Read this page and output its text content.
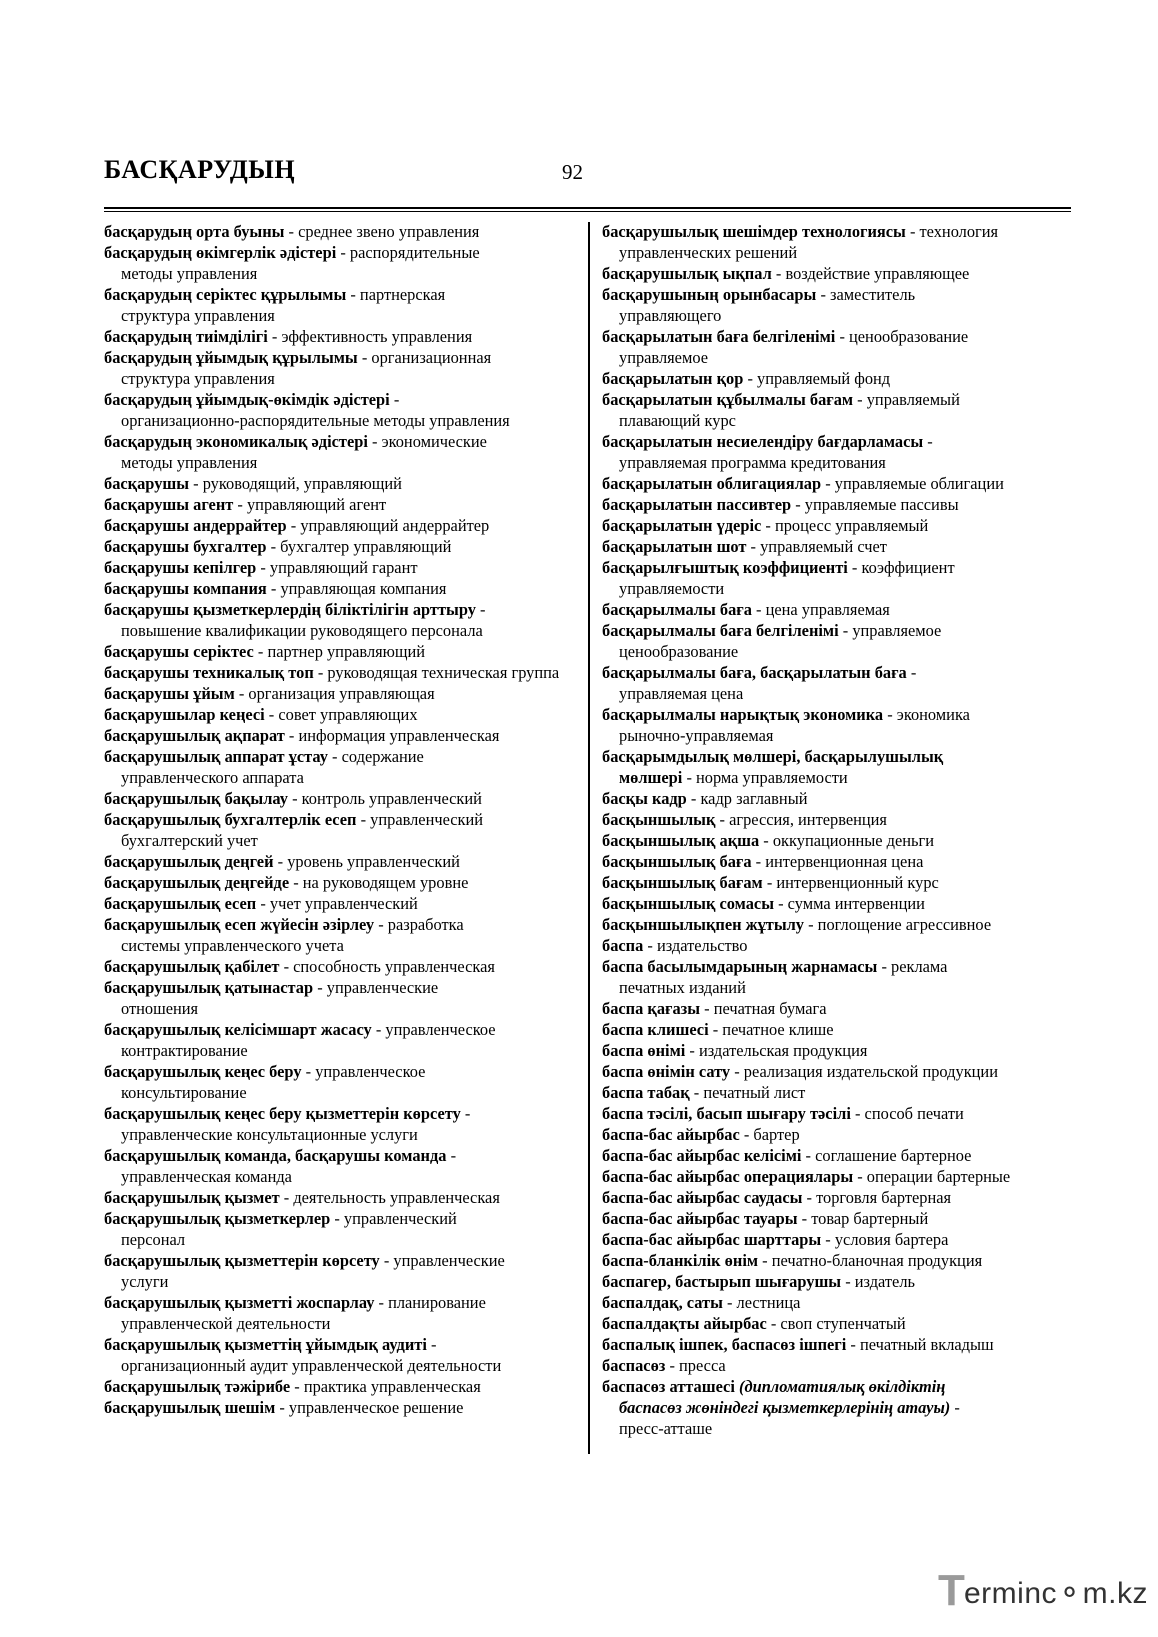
БАСҚАРУДЫҢ	92

басқарудың орта буыны - среднее звено управления

басқарудың өкімгерлік әдістері - распорядительные
методы управления

басқарудың серіктес құрылымы - партнерская
структура управления

басқарудың тиімділігі - эффективность управления

басқарудың ұйымдық құрылымы - организационная
структура управления

басқарудың ұйымдық-өкімдік әдістері -
организационно-распорядительные методы управления

басқарудың экономикалық әдістері - экономические
методы управления

басқарушы - руководящий, управляющий

басқарушы агент - управляющий агент

басқарушы андеррайтер - управляющий андеррайтер

басқарушы бухгалтер - бухгалтер управляющий

басқарушы кепілгер - управляющий гарант

басқарушы компания - управляющая компания

басқарушы қызметкерлердің біліктілігін арттыру -
повышение квалификации руководящего персонала

басқарушы серіктес - партнер управляющий

басқарушы техникалық топ - руководящая техническая группа

басқарушы ұйым - организация управляющая

басқарушылар кеңесі - совет управляющих

басқарушылық ақпарат - информация управленческая

басқарушылық аппарат ұстау - содержание
управленческого аппарата

басқарушылық бақылау - контроль управленческий

басқарушылық бухгалтерлік есеп - управленческий
бухгалтерский учет

басқарушылық деңгей - уровень управленческий

басқарушылық деңгейде - на руководящем уровне

басқарушылық есеп - учет управленческий

басқарушылық есеп жүйесін әзірлеу - разработка
системы управленческого учета

басқарушылық қабілет - способность управленческая

басқарушылық қатынастар - управленческие
отношения

басқарушылық келісімшарт жасасу - управленческое
контрактирование

басқарушылық кеңес беру - управленческое
консультирование

басқарушылық кеңес беру қызметтерін көрсету -
управленческие консультационные услуги

басқарушылық команда, басқарушы команда -
управленческая команда

басқарушылық қызмет - деятельность управленческая

басқарушылық қызметкерлер - управленческий
персонал

басқарушылық қызметтерін көрсету - управленческие
услуги

басқарушылық қызметті жоспарлау - планирование
управленческой деятельности

басқарушылық қызметтің ұйымдық аудиті -
организационный аудит управленческой деятельности

басқарушылық тәжірибе - практика управленческая

басқарушылық шешім - управленческое решение

басқарушылық шешімдер технологиясы - технология
управленческих решений

басқарушылық ықпал - воздействие управляющее

басқарушының орынбасары - заместитель
управляющего

басқарылатын баға белгіленімі - ценообразование
управляемое

басқарылатын қор - управляемый фонд

басқарылатын құбылмалы бағам - управляемый
плавающий курс

басқарылатын несиелендіру бағдарламасы -
управляемая программа кредитования

басқарылатын облигациялар - управляемые облигации

басқарылатын пассивтер - управляемые пассивы

басқарылатын үдеріс - процесс управляемый

басқарылатын шот - управляемый счет

басқарылғыштық коэффициенті - коэффициент
управляемости

басқарылмалы баға - цена управляемая

басқарылмалы баға белгіленімі - управляемое
ценообразование

басқарылмалы баға, басқарылатын баға -
управляемая цена

басқарылмалы нарықтық экономика - экономика
рыночно-управляемая

басқарымдылық мөлшері, басқарылушылық
мөлшері - норма управляемости

басқы кадр - кадр заглавный

басқыншылық - агрессия, интервенция

басқыншылық ақша - оккупационные деньги

басқыншылық баға - интервенционная цена

басқыншылық бағам - интервенционный курс

басқыншылық сомасы - сумма интервенции

басқыншылықпен жұтылу - поглощение агрессивное

баспа - издательство

баспа басылымдарының жарнамасы - реклама
печатных изданий

баспа қағазы - печатная бумага

баспа клишесі - печатное клише

баспа өнімі - издательская продукция

баспа өнімін сату - реализация издательской продукции

баспа табақ - печатный лист

баспа тәсілі, басып шығару тәсілі - способ печати

баспа-бас айырбас - бартер

баспа-бас айырбас келісімі - соглашение бартерное

баспа-бас айырбас операциялары - операции бартерные

баспа-бас айырбас саудасы - торговля бартерная

баспа-бас айырбас тауары - товар бартерный

баспа-бас айырбас шарттары - условия бартера

баспа-бланкілік өнім - печатно-бланочная продукция

баспагер, бастырып шығарушы - издатель

баспалдақ, саты - лестница

баспалдақты айырбас - своп ступенчатый

баспалық ішпек, баспасөз ішпегі - печатный вкладыш

баспасөз - пресса

баспасөз атташесі (дипломатиялық өкілдіктің
баспасөз жөніндегі қызметкерлерінің атауы) -
пресс-атташе

T erminc⚬m.kz
